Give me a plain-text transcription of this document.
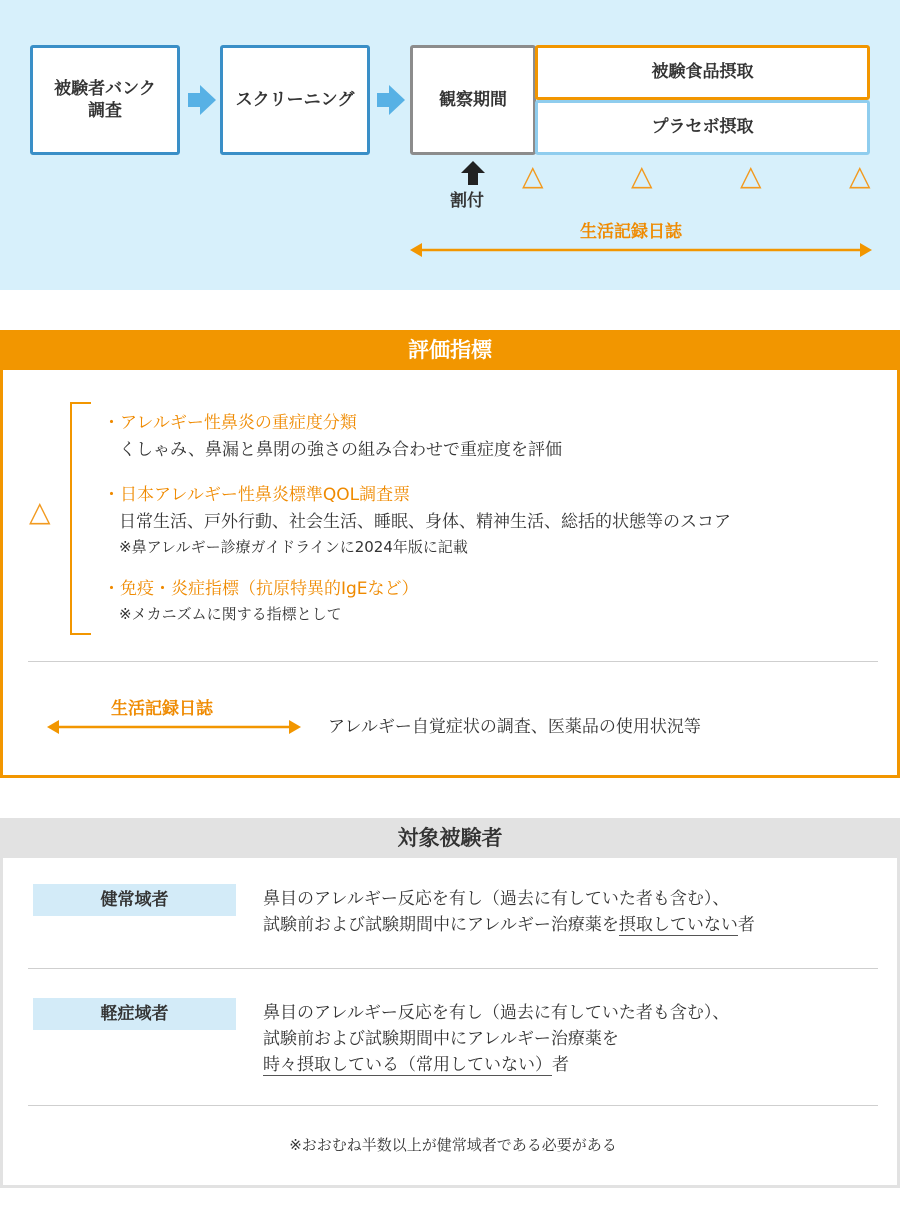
被験者バンク
調査
スクリーニング	観察期間
被験食品摂取
プラセボ摂取
割付
△	△	△	△
生活記録日誌
評価指標
△
・アレルギー性鼻炎の重症度分類
くしゃみ、鼻漏と鼻閉の強さの組み合わせで重症度を評価
・日本アレルギー性鼻炎標準QOL調査票
日常生活、戸外行動、社会生活、睡眠、身体、精神生活、総括的状態等のスコア
※鼻アレルギー診療ガイドラインに2024年版に記載
・免疫・炎症指標（抗原特異的IgEなど）
※メカニズムに関する指標として
生活記録日誌
アレルギー自覚症状の調査、医薬品の使用状況等
対象被験者
健常域者	鼻目のアレルギー反応を有し（過去に有していた者も含む）、
試験前および試験期間中にアレルギー治療薬を摂取していない者
軽症域者	鼻目のアレルギー反応を有し（過去に有していた者も含む）、
試験前および試験期間中にアレルギー治療薬を
時々摂取している（常用していない）者
※おおむね半数以上が健常域者である必要がある
